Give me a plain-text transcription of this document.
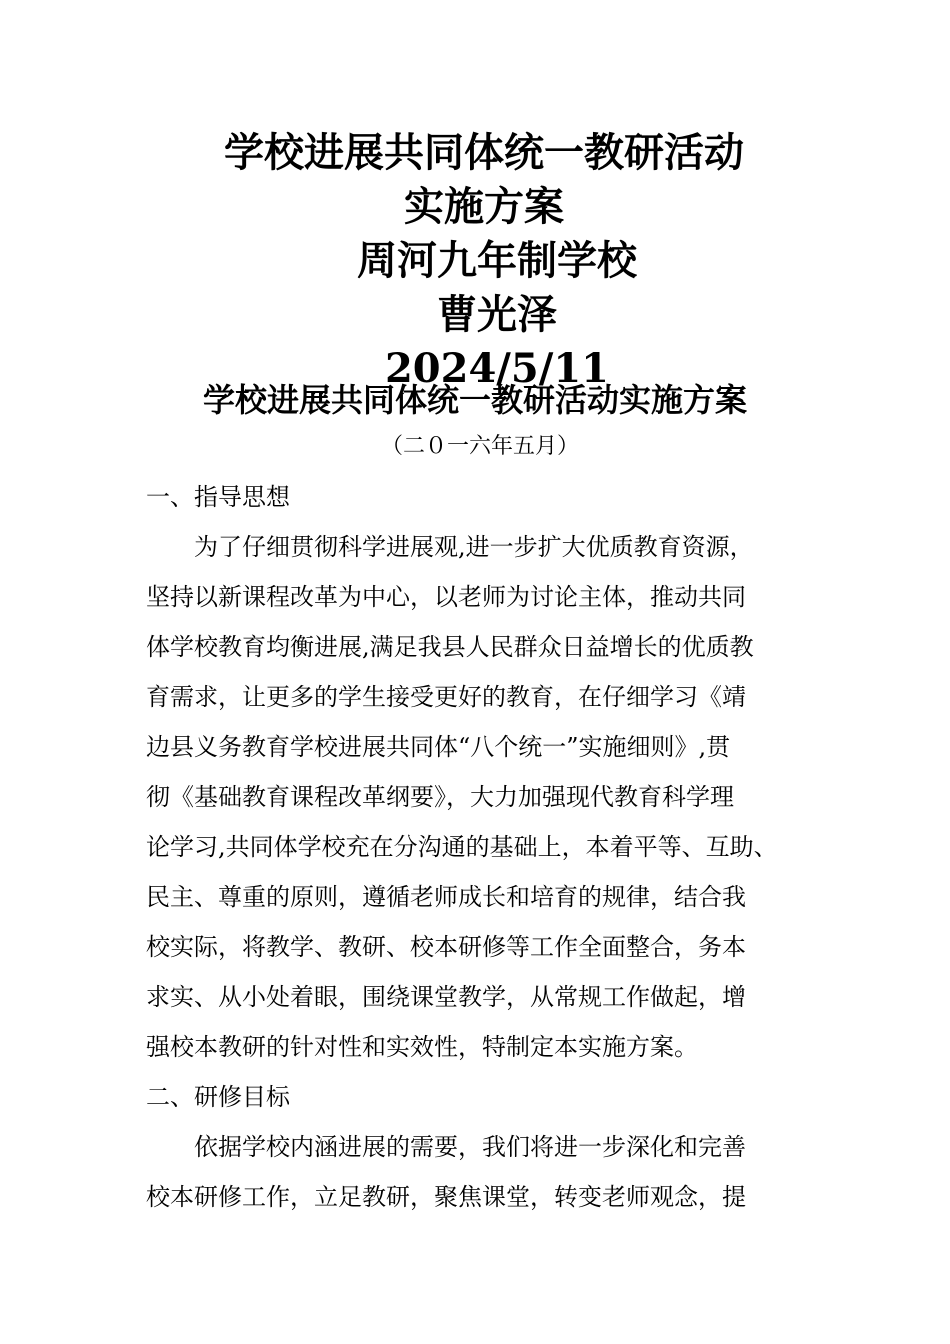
学校进展共同体统一教研活动
实施方案
周河九年制学校
曹光泽
2024/5/11
学校进展共同体统一教研活动实施方案
（二０一六年五月）
一、指导思想
为了仔细贯彻科学进展观,进一步扩大优质教育资源，
坚持以新课程改革为中心，以老师为讨论主体，推动共同
体学校教育均衡进展,满足我县人民群众日益增长的优质教
育需求，让更多的学生接受更好的教育，在仔细学习《靖
边县义务教育学校进展共同体“八个统一”实施细则》,贯
彻《基础教育课程改革纲要》，大力加强现代教育科学理
论学习,共同体学校充在分沟通的基础上，本着平等、互助、
民主、尊重的原则，遵循老师成长和培育的规律，结合我
校实际，将教学、教研、校本研修等工作全面整合，务本
求实、从小处着眼，围绕课堂教学，从常规工作做起，增
强校本教研的针对性和实效性，特制定本实施方案。
二、研修目标
依据学校内涵进展的需要，我们将进一步深化和完善
校本研修工作，立足教研，聚焦课堂，转变老师观念，提
